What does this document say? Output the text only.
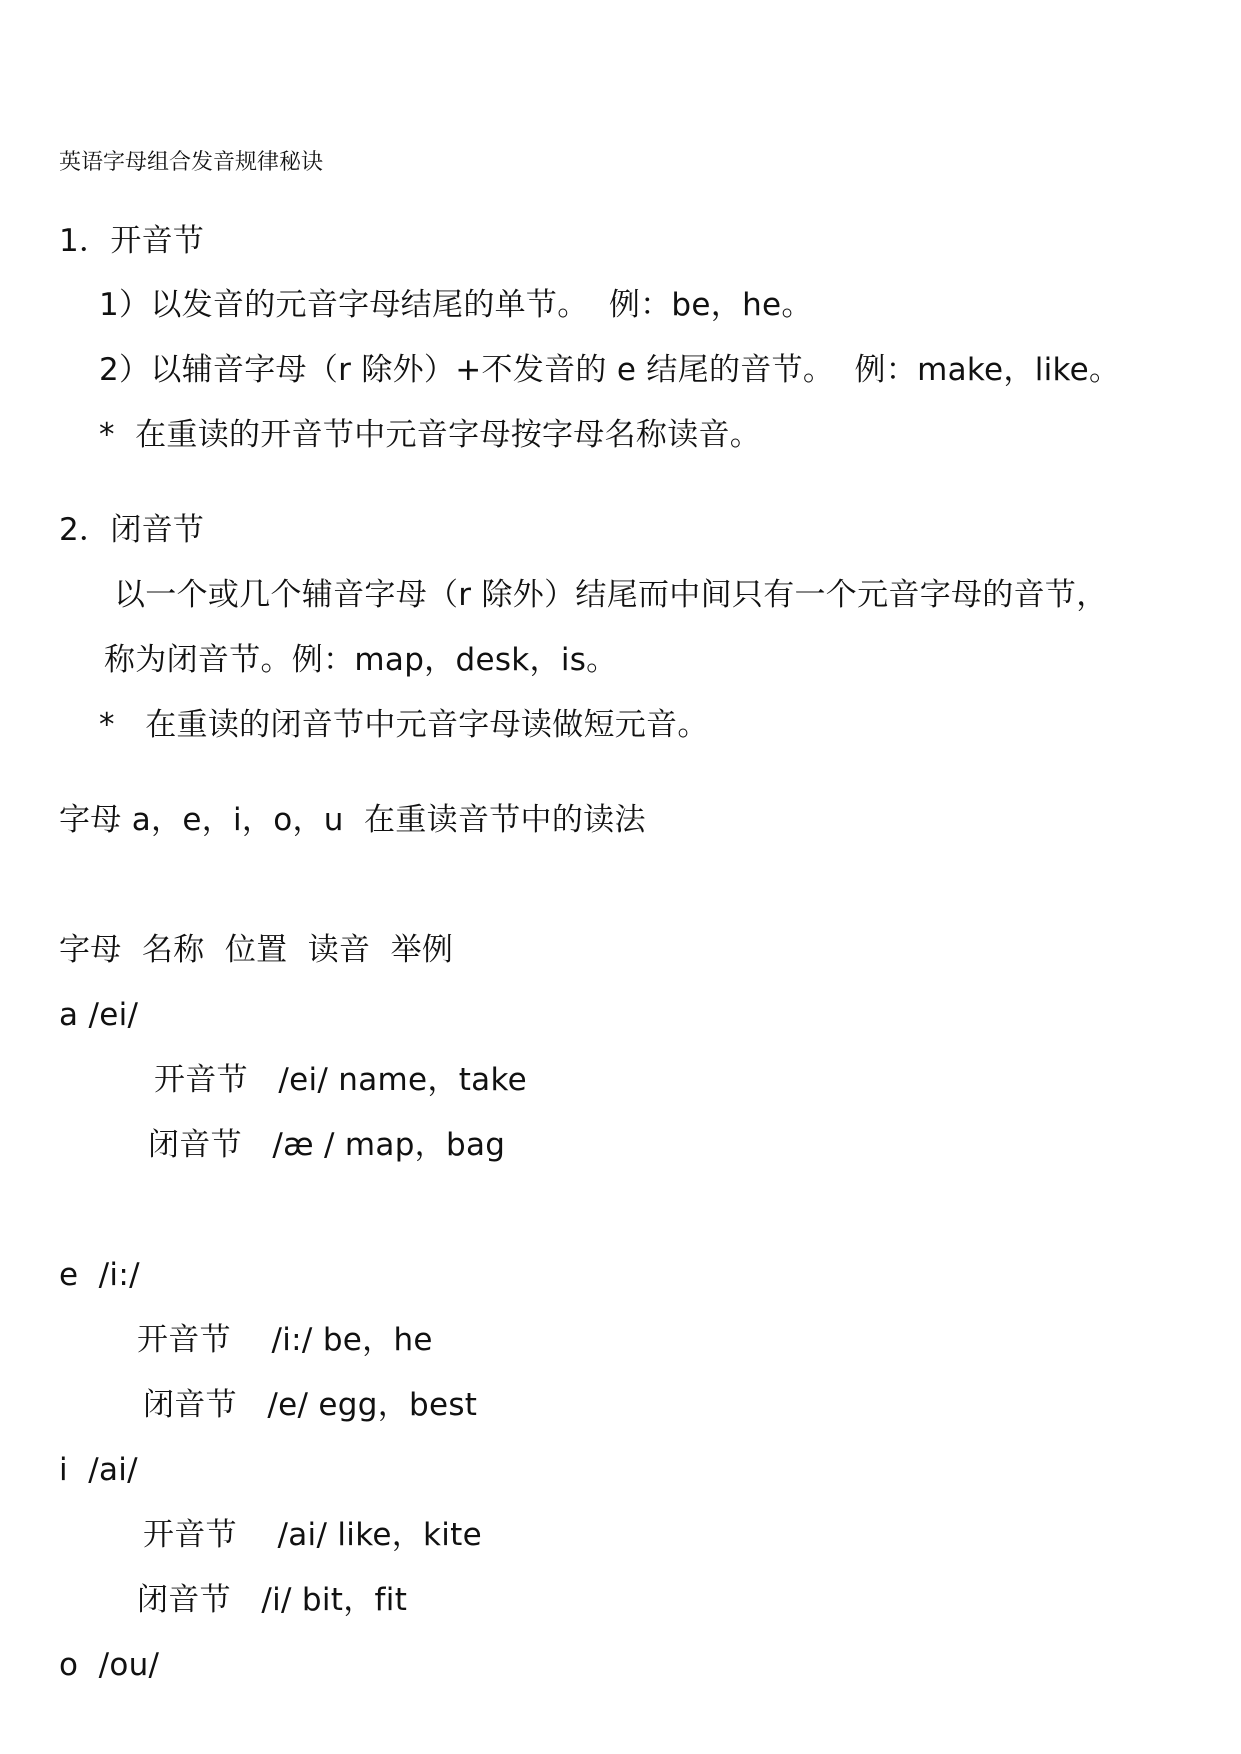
英语字母组合发音规律秘诀
1．开音节
1）以发音的元音字母结尾的单节。  例：be，he。
2）以辅音字母（r 除外）+不发音的 e 结尾的音节。  例：make，like。
*  在重读的开音节中元音字母按字母名称读音。
2．闭音节
以一个或几个辅音字母（r 除外）结尾而中间只有一个元音字母的音节，
称为闭音节。例：map，desk，is。
*   在重读的闭音节中元音字母读做短元音。
字母 a，e，i，o，u  在重读音节中的读法
字母  名称  位置  读音  举例
a /ei/
开音节   /ei/ name，take
闭音节   /æ / map，bag
e  /i:/
开音节    /i:/ be，he
闭音节   /e/ egg，best
i  /ai/
开音节    /ai/ like，kite
闭音节   /i/ bit，fit
o  /ou/
